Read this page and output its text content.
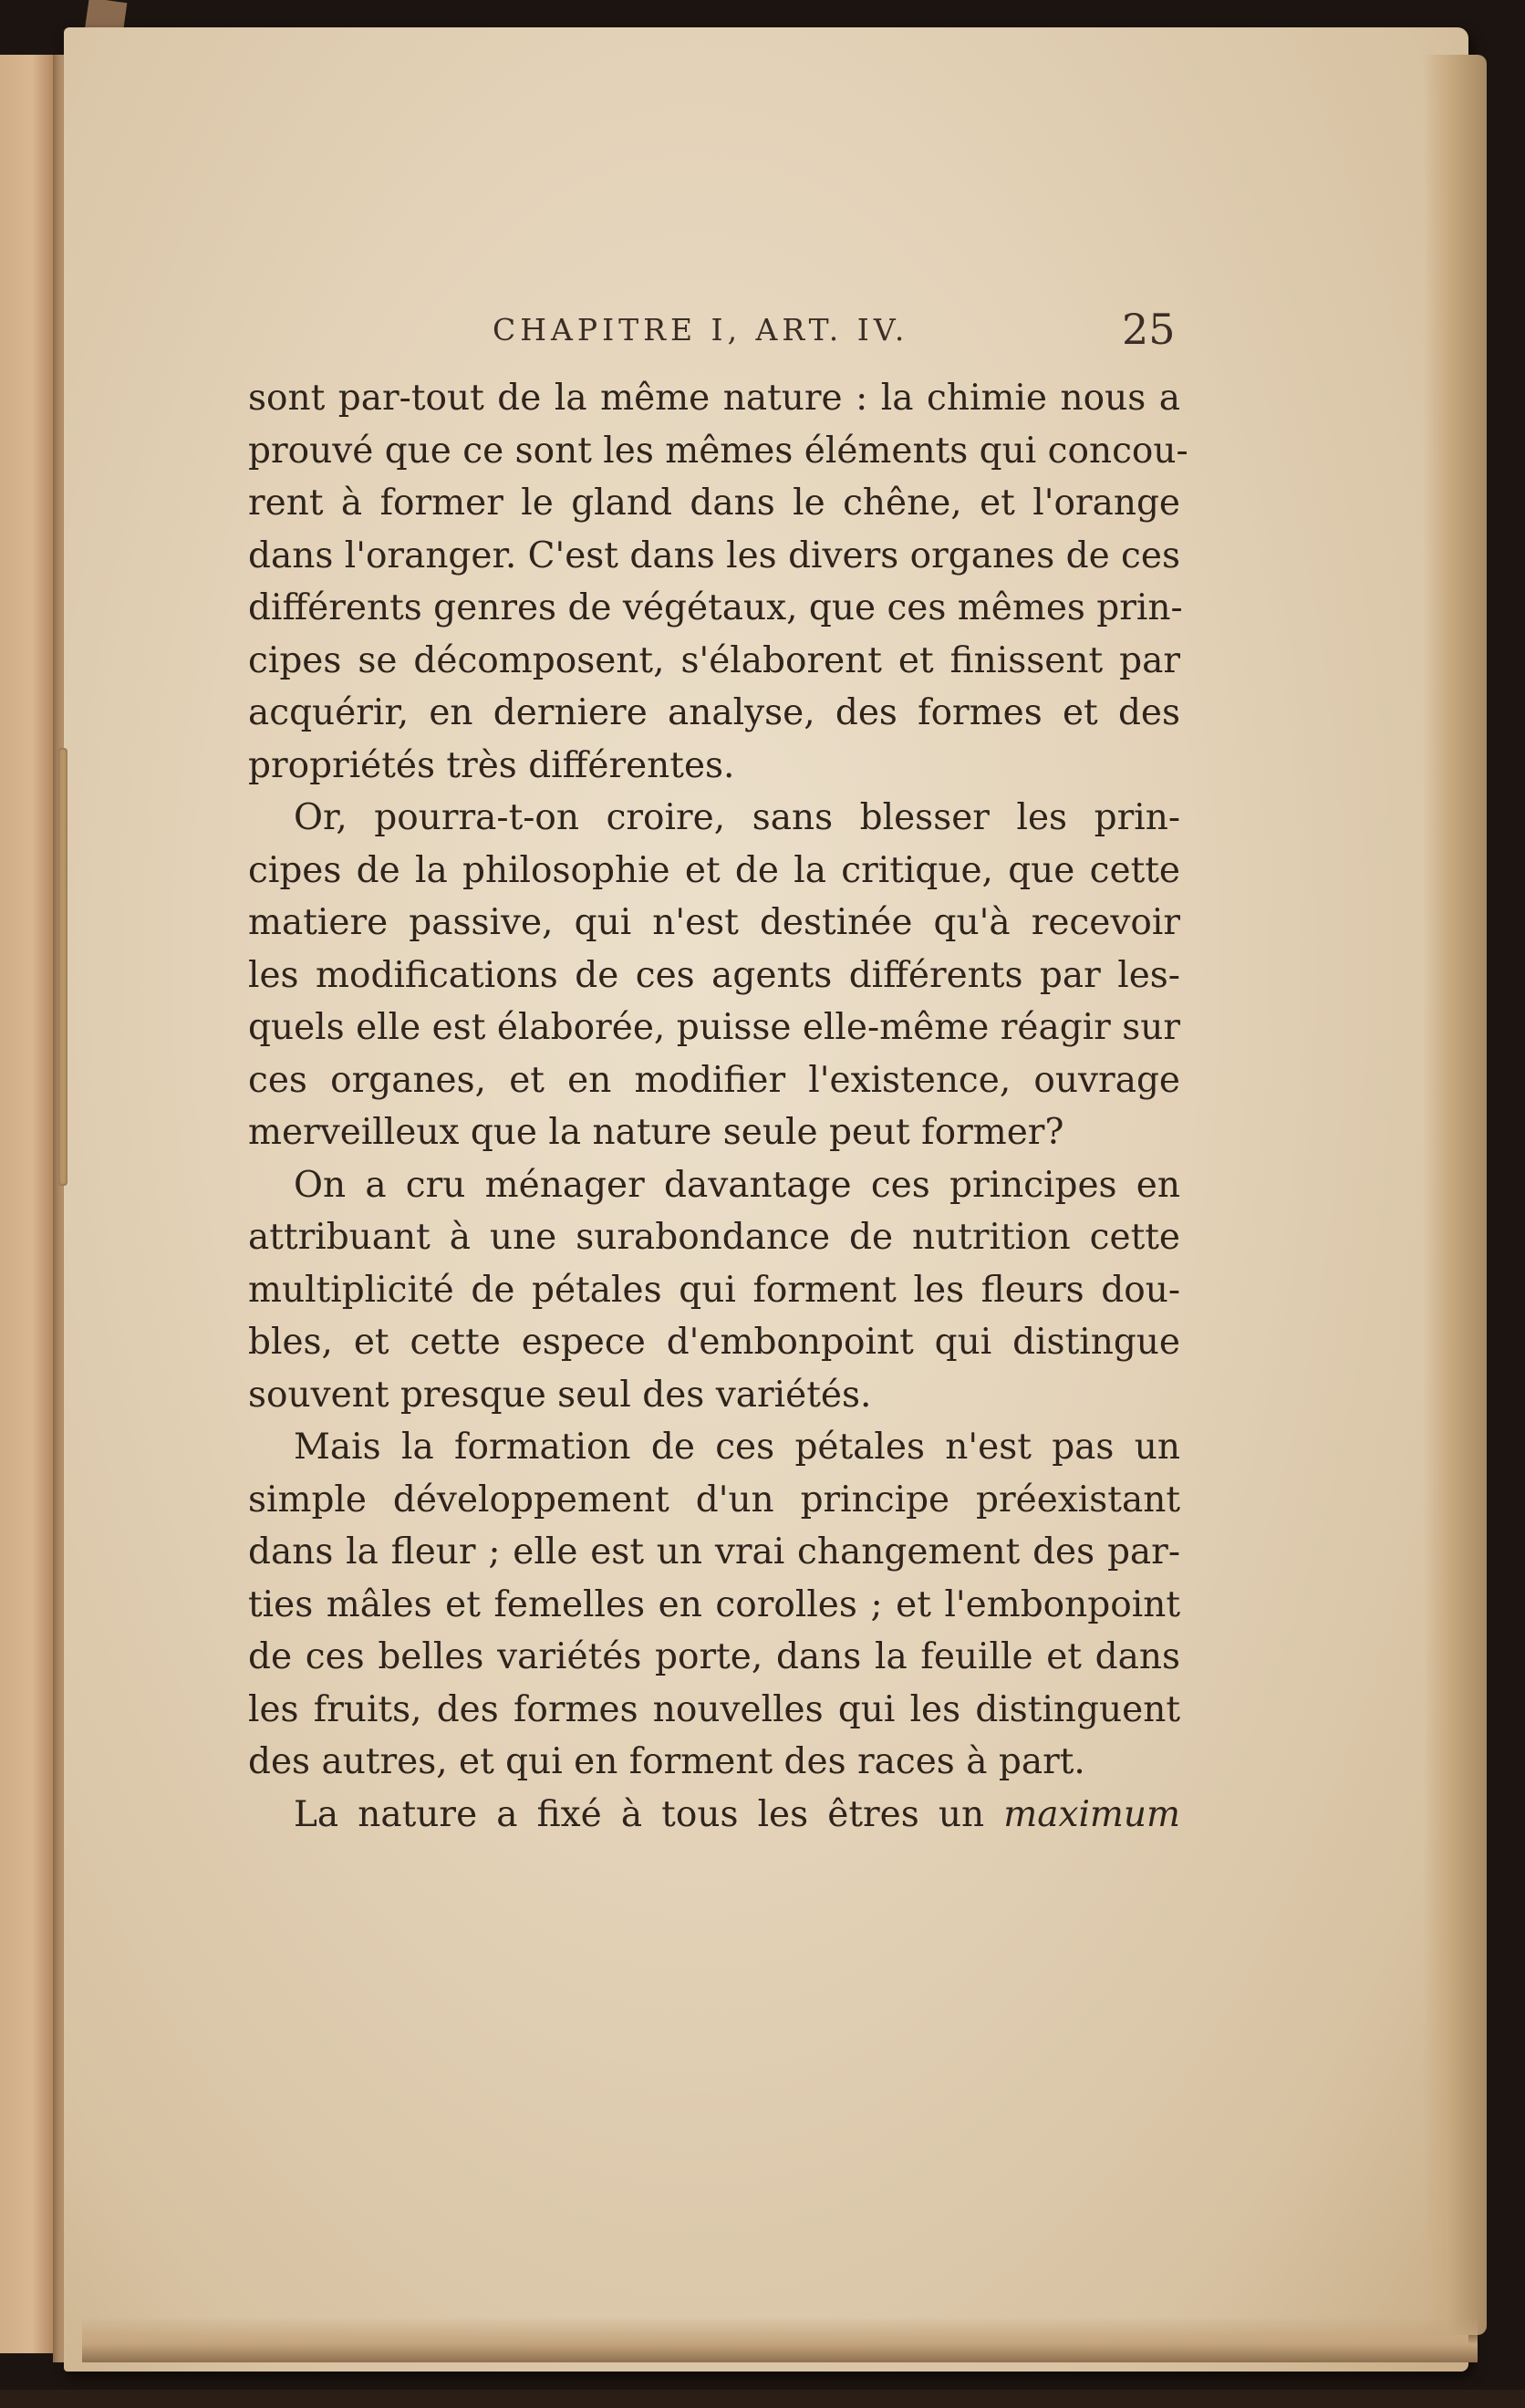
CHAPITRE I, ART. IV.	25
sont par-tout de la même nature : la chimie nous a
prouvé que ce sont les mêmes éléments qui concou-
rent à former le gland dans le chêne, et l'orange
dans l'oranger. C'est dans les divers organes de ces
différents genres de végétaux, que ces mêmes prin-
cipes se décomposent, s'élaborent et finissent par
acquérir, en derniere analyse, des formes et des
propriétés très différentes.
Or, pourra-t-on croire, sans blesser les prin-
cipes de la philosophie et de la critique, que cette
matiere passive, qui n'est destinée qu'à recevoir
les modifications de ces agents différents par les-
quels elle est élaborée, puisse elle-même réagir sur
ces organes, et en modifier l'existence, ouvrage
merveilleux que la nature seule peut former?
On a cru ménager davantage ces principes en
attribuant à une surabondance de nutrition cette
multiplicité de pétales qui forment les fleurs dou-
bles, et cette espece d'embonpoint qui distingue
souvent presque seul des variétés.
Mais la formation de ces pétales n'est pas un
simple développement d'un principe préexistant
dans la fleur ; elle est un vrai changement des par-
ties mâles et femelles en corolles ; et l'embonpoint
de ces belles variétés porte, dans la feuille et dans
les fruits, des formes nouvelles qui les distinguent
des autres, et qui en forment des races à part.
La nature a fixé à tous les êtres un maximum
